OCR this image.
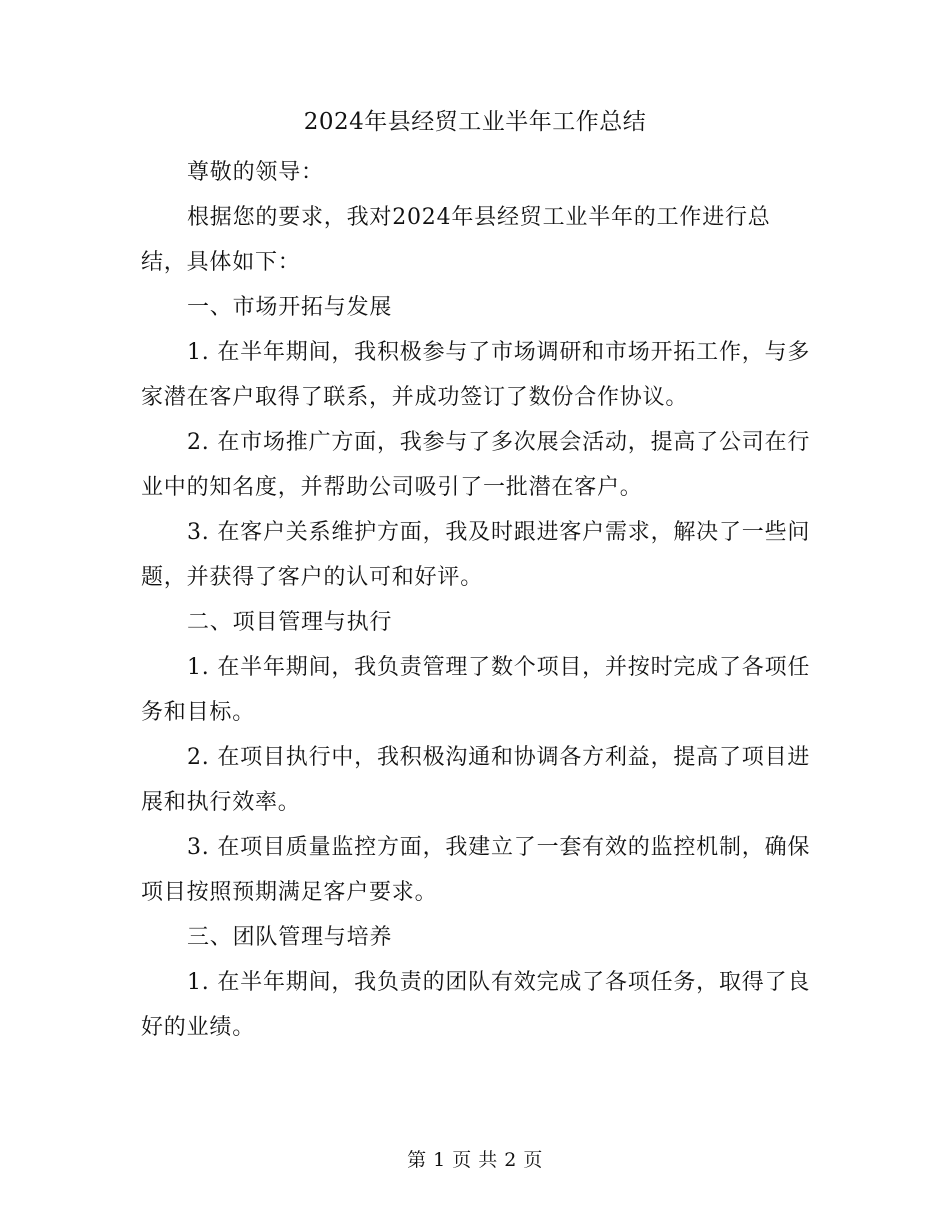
2024年县经贸工业半年工作总结

尊敬的领导：

根据您的要求，我对2024年县经贸工业半年的工作进行总结，具体如下：

一、市场开拓与发展

1. 在半年期间，我积极参与了市场调研和市场开拓工作，与多家潜在客户取得了联系，并成功签订了数份合作协议。

2. 在市场推广方面，我参与了多次展会活动，提高了公司在行业中的知名度，并帮助公司吸引了一批潜在客户。

3. 在客户关系维护方面，我及时跟进客户需求，解决了一些问题，并获得了客户的认可和好评。

二、项目管理与执行

1. 在半年期间，我负责管理了数个项目，并按时完成了各项任务和目标。

2. 在项目执行中，我积极沟通和协调各方利益，提高了项目进展和执行效率。

3. 在项目质量监控方面，我建立了一套有效的监控机制，确保项目按照预期满足客户要求。

三、团队管理与培养

1. 在半年期间，我负责的团队有效完成了各项任务，取得了良好的业绩。

第 1 页 共 2 页
